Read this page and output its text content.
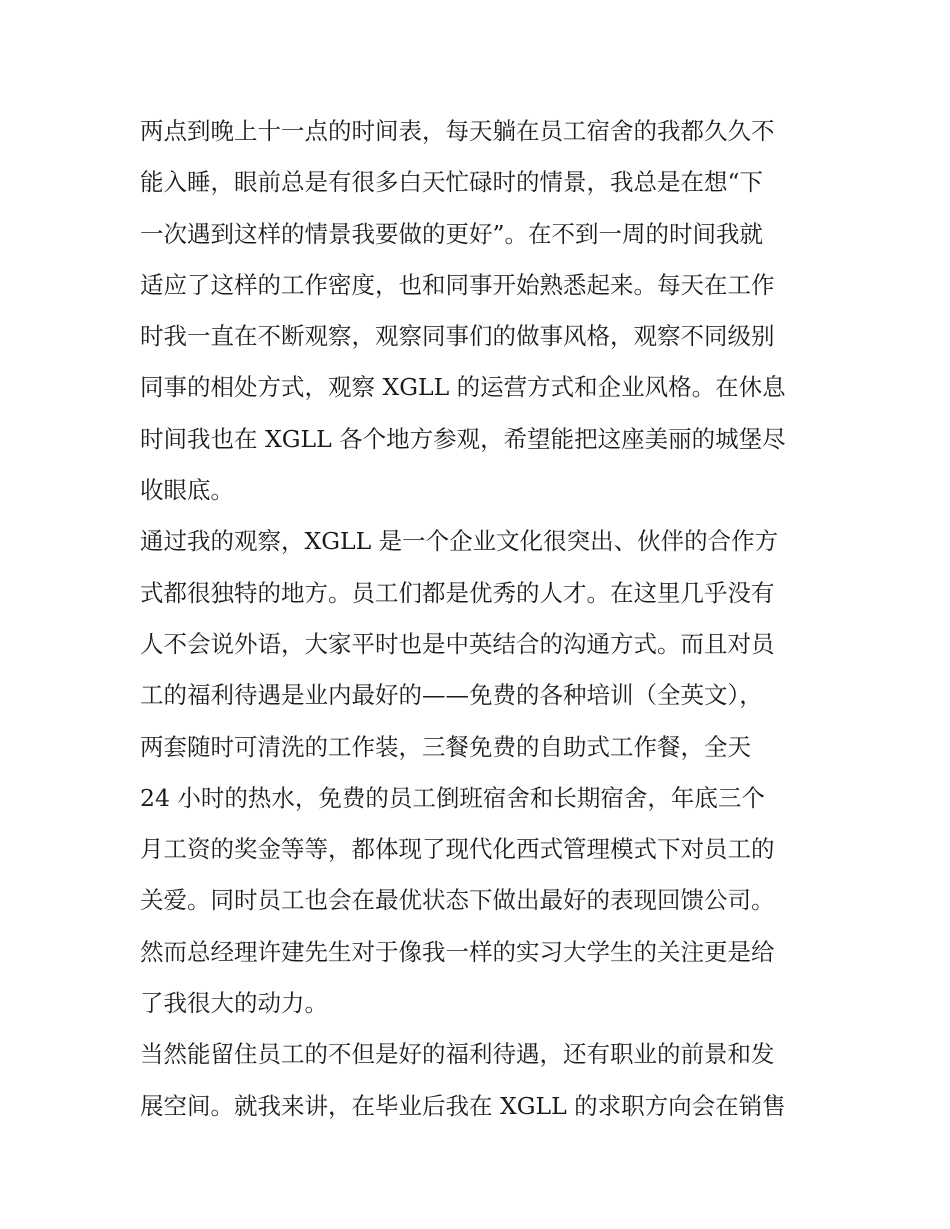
两点到晚上十一点的时间表，每天躺在员工宿舍的我都久久不
能入睡，眼前总是有很多白天忙碌时的情景，我总是在想“下
一次遇到这样的情景我要做的更好”。在不到一周的时间我就
适应了这样的工作密度，也和同事开始熟悉起来。每天在工作
时我一直在不断观察，观察同事们的做事风格，观察不同级别
同事的相处方式，观察 XGLL 的运营方式和企业风格。在休息
时间我也在 XGLL 各个地方参观，希望能把这座美丽的城堡尽
收眼底。
通过我的观察，XGLL 是一个企业文化很突出、伙伴的合作方
式都很独特的地方。员工们都是优秀的人才。在这里几乎没有
人不会说外语，大家平时也是中英结合的沟通方式。而且对员
工的福利待遇是业内最好的——免费的各种培训（全英文），
两套随时可清洗的工作装，三餐免费的自助式工作餐，全天
24 小时的热水，免费的员工倒班宿舍和长期宿舍，年底三个
月工资的奖金等等，都体现了现代化西式管理模式下对员工的
关爱。同时员工也会在最优状态下做出最好的表现回馈公司。
然而总经理许建先生对于像我一样的实习大学生的关注更是给
了我很大的动力。
当然能留住员工的不但是好的福利待遇，还有职业的前景和发
展空间。就我来讲，在毕业后我在 XGLL 的求职方向会在销售
